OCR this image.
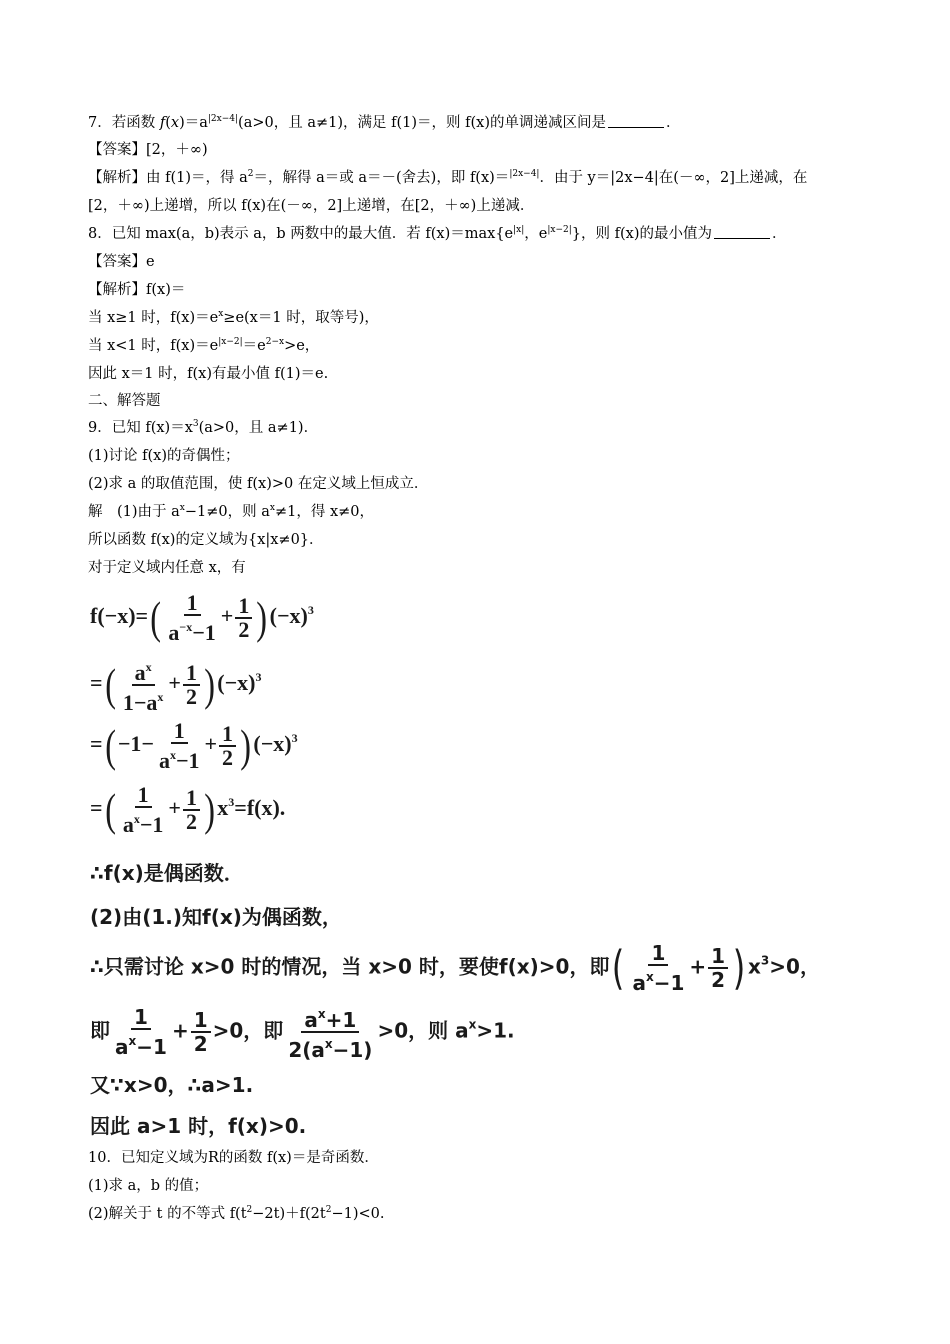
7．若函数 $f(x)=a^{|2x-4|}(a>0$，且 a≠1)，满足 f(1)＝，则 f(x)的单调递减区间是	．
【答案】[2，＋∞)
【解析】由 f(1)＝，得 $a^2=$，解得 a＝或 a＝－(舍去)，即 f(x)＝$^{|2x-4|}$．由于 y＝|2x−4|在(－∞，2]上递减，在
[2，＋∞)上递增，所以 f(x)在(－∞，2]上递增，在[2，＋∞)上递减．
8．已知 max(a，b)表示 a，b 两数中的最大值．若 $f(x)=\max\{e^{|x|}$，$e^{|x-2|}$}，则 f(x)的最小值为	．
【答案】e
【解析】f(x)＝
当 x≥1 时，$f(x)=e^x\ge e(x=1$ 时，取等号)，
当 x<1 时，$f(x)=e^{|x-2|}=e^{2-x}>e$，
因此 x＝1 时，f(x)有最小值 f(1)＝e.
二、解答题
9．已知 $f(x)=x^3(a>0$，且 a≠1)．
(1)讨论 f(x)的奇偶性；
(2)求 a 的取值范围，使 f(x)>0 在定义域上恒成立．
解　(1)由于 $a^x-1\ne 0$，则 $a^x\ne 1$，得 x≠0，
所以函数 f(x)的定义域为{x|x≠0}．
对于定义域内任意 x，有
$f(-x)=( \frac{1}{a^{-x}-1} + \frac{1}{2}$ ) $(-x)^3$
=( $\frac{a^x}{1-a^x} + \frac{1}{2}$ ) $(-x)^3$
=( $-1- \frac{1}{a^x-1} + \frac{1}{2}$ ) $(-x)^3$
=( $\frac{1}{a^x-1} + \frac{1}{2}$ ) $x^3=f(x)$.
∴f(x)是偶函数．
(2)由(1.)知f(x)为偶函数，
∴只需讨论 x>0 时的情况，当 x>0 时，要使f(x)>0，即( $\frac{1}{a^x-1} + \frac{1}{2}$ ) $x^3>0$，
即 $\frac{1}{a^x-1} + \frac{1}{2} >0$，即 $\frac{a^x+1}{2(a^x-1)} >0$，则 $a^x>1$.
又∵x>0，∴a>1.
因此 a>1 时，f(x)>0.
10．已知定义域为R的函数 f(x)＝是奇函数．
(1)求 a，b 的值；
(2)解关于 t 的不等式 $f(t^2-2t)+f(2t^2-1)<0$.
